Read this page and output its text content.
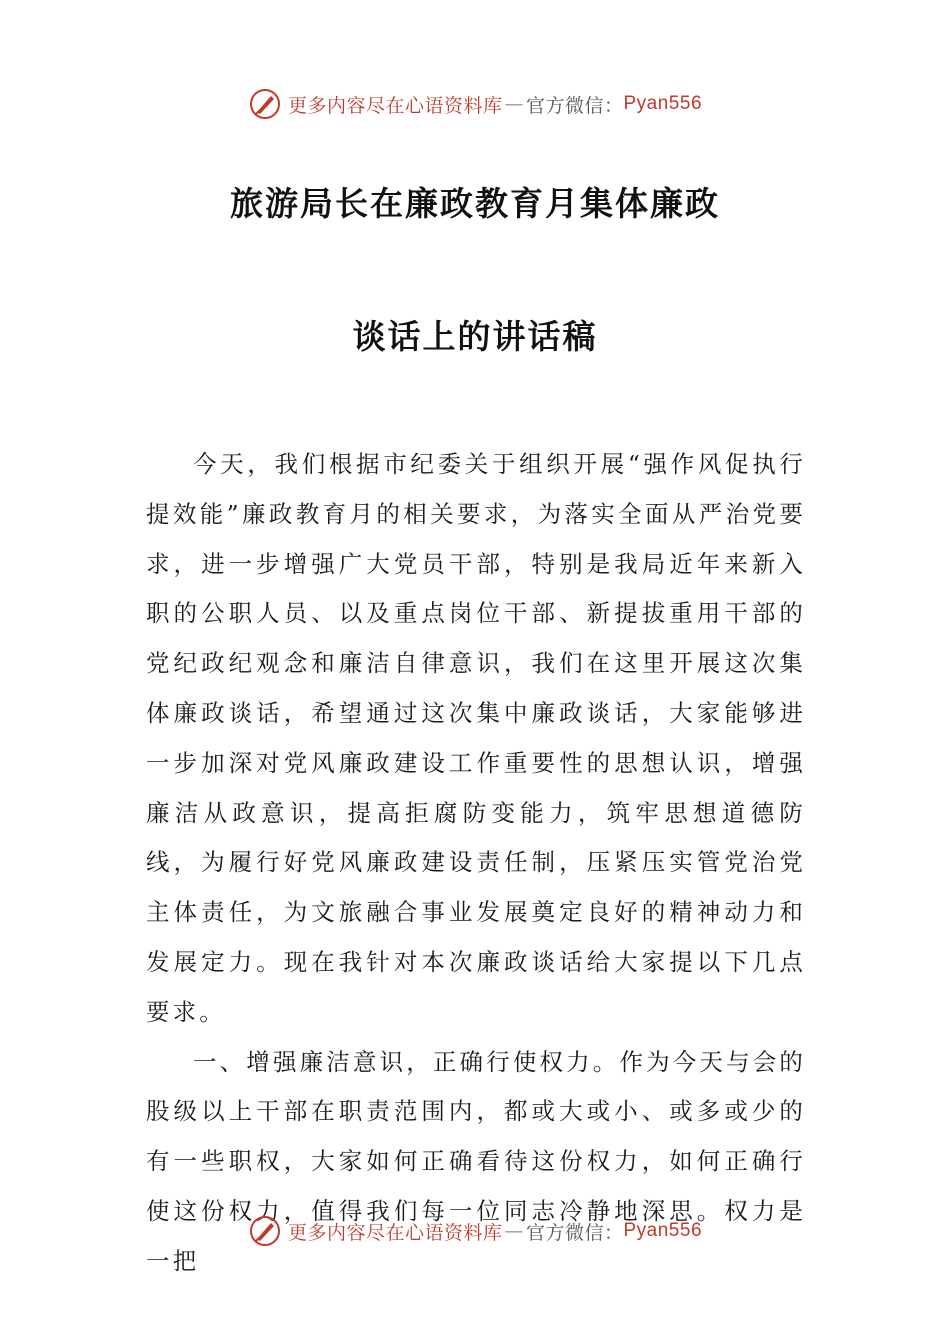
更多内容尽在心语资料库 — 官方微信： Pyan556
旅游局长在廉政教育月集体廉政
谈话上的讲话稿

今天，我们根据市纪委关于组织开展“强作风促执行提效能”廉政教育月的相关要求，为落实全面从严治党要求，进一步增强广大党员干部，特别是我局近年来新入职的公职人员、以及重点岗位干部、新提拔重用干部的党纪政纪观念和廉洁自律意识，我们在这里开展这次集体廉政谈话，希望通过这次集中廉政谈话，大家能够进一步加深对党风廉政建设工作重要性的思想认识，增强廉洁从政意识，提高拒腐防变能力，筑牢思想道德防线，为履行好党风廉政建设责任制，压紧压实管党治党主体责任，为文旅融合事业发展奠定良好的精神动力和发展定力。现在我针对本次廉政谈话给大家提以下几点要求。

一、增强廉洁意识，正确行使权力。作为今天与会的股级以上干部在职责范围内，都或大或小、或多或少的有一些职权，大家如何正确看待这份权力，如何正确行使这份权力，值得我们每一位同志冷静地深思。权力是一把

更多内容尽在心语资料库 — 官方微信： Pyan556
